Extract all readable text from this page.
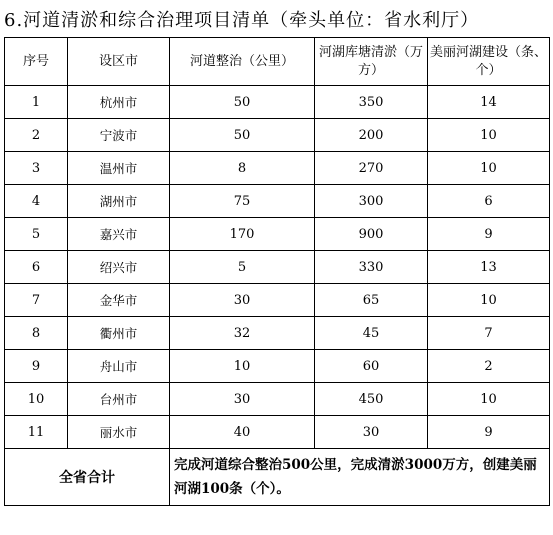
6.河道清淤和综合治理项目清单（牵头单位：省水利厅）
序号	设区市	河道整治（公里）	河湖库塘清淤（万方）	美丽河湖建设（条、个）
1	杭州市	50	350	14
2	宁波市	50	200	10
3	温州市	8	270	10
4	湖州市	75	300	6
5	嘉兴市	170	900	9
6	绍兴市	5	330	13
7	金华市	30	65	10
8	衢州市	32	45	7
9	舟山市	10	60	2
10	台州市	30	450	10
11	丽水市	40	30	9
全省合计		完成河道综合整治500公里，完成清淤3000万方，创建美丽河湖100条（个）。		
